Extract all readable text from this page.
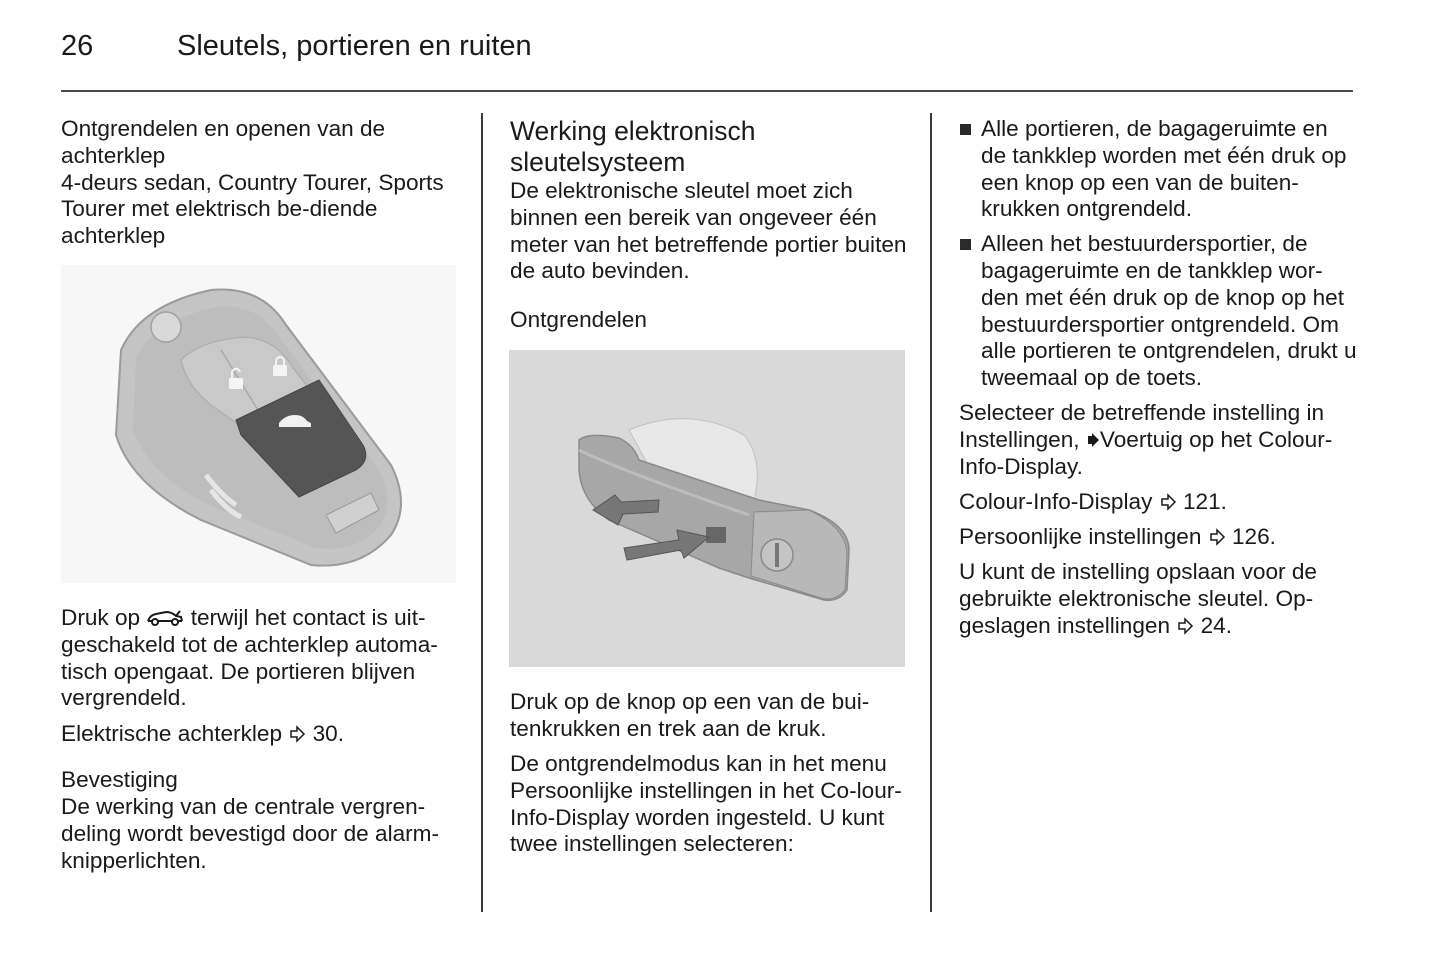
26	Sleutels, portieren en ruiten

Ontgrendelen en openen van de achterklep

4-deurs sedan, Country Tourer, Sports Tourer met elektrisch be-diende achterklep

Druk op terwijl het contact is uit-geschakeld tot de achterklep automa-tisch opengaat. De portieren blijven vergrendeld.

Elektrische achterklep 30.

Bevestiging

De werking van de centrale vergren-deling wordt bevestigd door de alarm-knipperlichten.

Werking elektronisch sleutelsysteem

De elektronische sleutel moet zich binnen een bereik van ongeveer één meter van het betreffende portier buiten de auto bevinden.

Ontgrendelen

Druk op de knop op een van de bui-tenkrukken en trek aan de kruk.

De ontgrendelmodus kan in het menu Persoonlijke instellingen in het Co-lour-Info-Display worden ingesteld. U kunt twee instellingen selecteren:

Alle portieren, de bagageruimte en de tankklep worden met één druk op een knop op een van de buiten-krukken ontgrendeld.
Alleen het bestuurdersportier, de bagageruimte en de tankklep wor-den met één druk op de knop op het bestuurdersportier ontgrendeld. Om alle portieren te ontgrendelen, drukt u tweemaal op de toets.

Selecteer de betreffende instelling in
Instellingen, Voertuig op het Colour-Info-Display.

Colour-Info-Display 121.

Persoonlijke instellingen 126.

U kunt de instelling opslaan voor de gebruikte elektronische sleutel. Op-geslagen instellingen 24.
